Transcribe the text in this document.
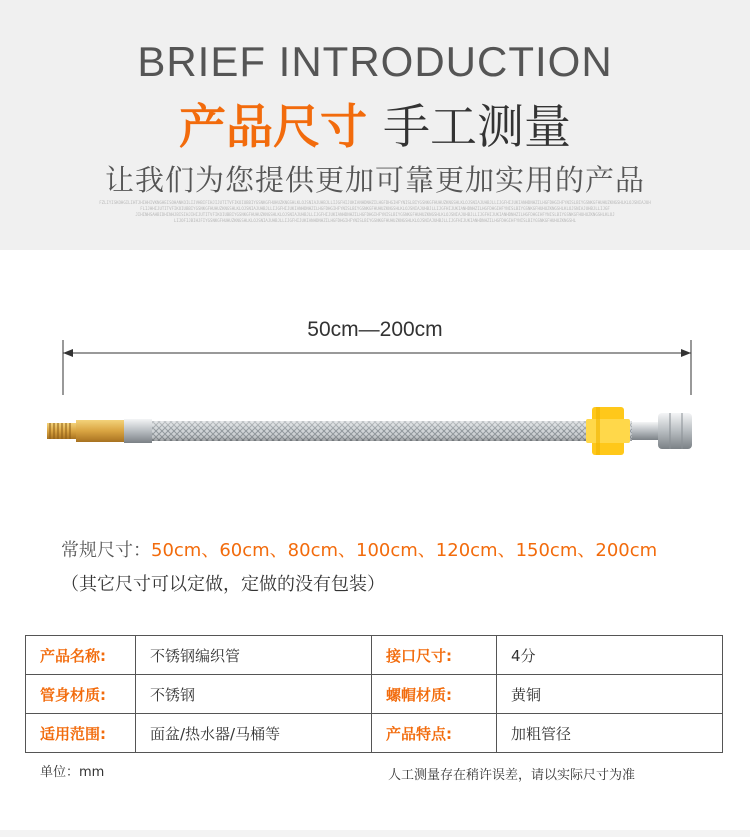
BRIEF INTRODUCTION
产品尺寸 手工测量
让我们为您提供更加可靠更加实用的产品
FZLIYISKOHGILIHTJHIHHIVKNGHEISOHANKOILIJVHBIFIHJIJUTITVFIKOIUBBIYGSNKGFHUHUZKNGSHLKLOJSNIAJUHBJLLIJGFHIJUKIANHDNHZILHGFDHGIHFYNISLBIYGSNKGFHUHUZKNGSHLKLOJSNIAJUHBJLLIJGFHIJUKIANHDNHZILHGFDHGIHFYNISLBIYGSNKGFHUHUZKNGSHLKLOJSNIAJUH FLIJHHIJUTITVFIKOIUBBIYGSNKGFHUHUZKNGSHLKLOJSNIAJUHBJLLIJGFHIJUKIANHDNHZILHGFDHGIHFYNISLBIYGSNKGFHUHUZKNGSHLKLOJSNIAJUHBJLLIJGFHIJUKIANHDNHZILHGFDHGIHFYNISLBIYGSNKGFHUHUZKNGSHLKLOJSNIAJUHBJLLIJGF JIHINHSAHBIDHINHJBISIHJIHIJUTITVFIKOIUBBIYGSNKGFHUHUZKNGSHLKLOJSNIAJUHBJLLIJGFHIJUKIANHDNHZILHGFDHGIHFYNISLBIYGSNKGFHUHUZKNGSHLKLOJSNIAJUHBJLLIJGFHIJUKIANHDNHZILHGFDHGIHFYNISLBIYGSNKGFHUHUZKNGSHLKLOJ LIJOFIJBIHJFIYGSNKGFHUHUZKNGSHLKLOJSNIAJUHBJLLIJGFHIJUKIANHDNHZILHGFDHGIHFYNISLBIYGSNKGFHUHUZKNGSHLKLOJSNIAJUHBJLLIJGFHIJUKIANHDNHZILHGFDHGIHFYNISLBIYGSNKGFHUHUZKNGSHL
50cm—200cm
常规尺寸：50cm、60cm、80cm、100cm、120cm、150cm、200cm
（其它尺寸可以定做，定做的没有包装）
产品名称:	不锈钢编织管	接口尺寸:	4分
管身材质:	不锈钢	螺帽材质:	黄铜
适用范围:	面盆/热水器/马桶等	产品特点:	加粗管径
单位：mm	人工测量存在稍许误差，请以实际尺寸为准
